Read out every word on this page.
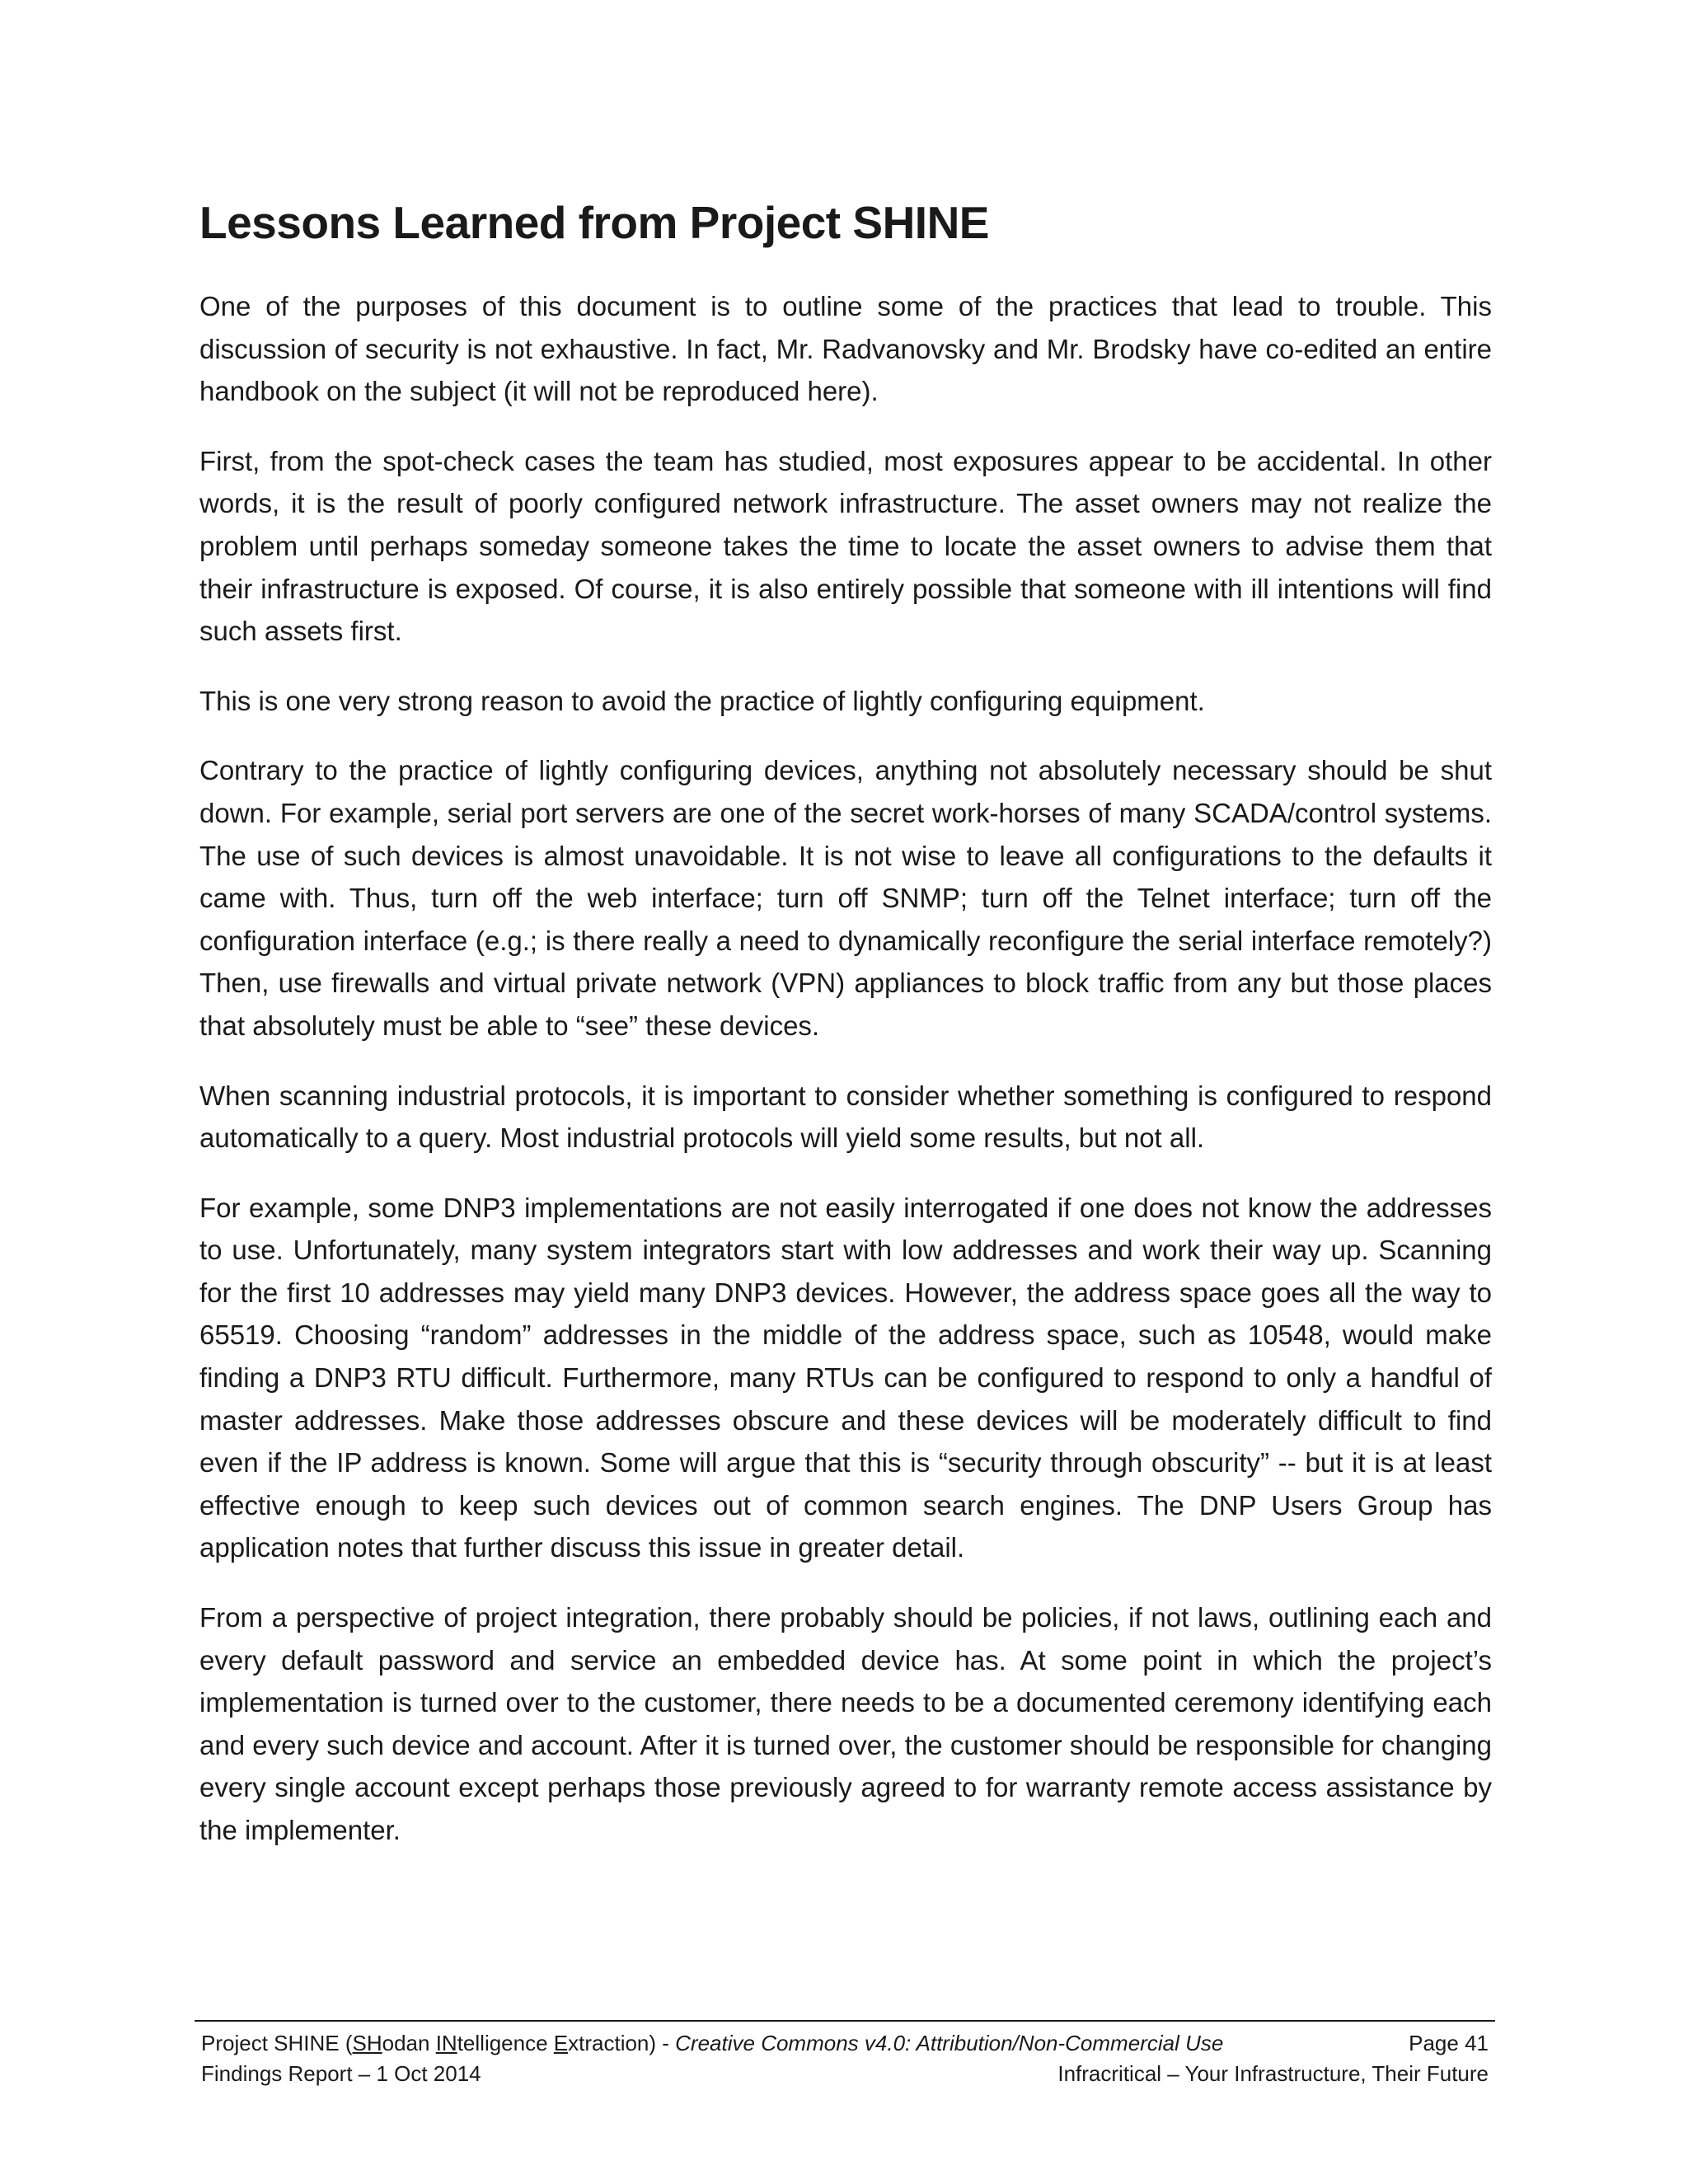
Lessons Learned from Project SHINE

One of the purposes of this document is to outline some of the practices that lead to trouble. This discussion of security is not exhaustive. In fact, Mr. Radvanovsky and Mr. Brodsky have co-edited an entire handbook on the subject (it will not be reproduced here).

First, from the spot-check cases the team has studied, most exposures appear to be accidental. In other words, it is the result of poorly configured network infrastructure. The asset owners may not realize the problem until perhaps someday someone takes the time to locate the asset owners to advise them that their infrastructure is exposed. Of course, it is also entirely possible that someone with ill intentions will find such assets first.

This is one very strong reason to avoid the practice of lightly configuring equipment.

Contrary to the practice of lightly configuring devices, anything not absolutely necessary should be shut down. For example, serial port servers are one of the secret work-horses of many SCADA/control systems. The use of such devices is almost unavoidable. It is not wise to leave all configurations to the defaults it came with. Thus, turn off the web interface; turn off SNMP; turn off the Telnet interface; turn off the configuration interface (e.g.; is there really a need to dynamically reconfigure the serial interface remotely?) Then, use firewalls and virtual private network (VPN) appliances to block traffic from any but those places that absolutely must be able to “see” these devices.

When scanning industrial protocols, it is important to consider whether something is configured to respond automatically to a query. Most industrial protocols will yield some results, but not all.

For example, some DNP3 implementations are not easily interrogated if one does not know the addresses to use. Unfortunately, many system integrators start with low addresses and work their way up. Scanning for the first 10 addresses may yield many DNP3 devices. However, the address space goes all the way to 65519. Choosing “random” addresses in the middle of the address space, such as 10548, would make finding a DNP3 RTU difficult. Furthermore, many RTUs can be configured to respond to only a handful of master addresses. Make those addresses obscure and these devices will be moderately difficult to find even if the IP address is known. Some will argue that this is “security through obscurity” -- but it is at least effective enough to keep such devices out of common search engines. The DNP Users Group has application notes that further discuss this issue in greater detail.

From a perspective of project integration, there probably should be policies, if not laws, outlining each and every default password and service an embedded device has. At some point in which the project’s implementation is turned over to the customer, there needs to be a documented ceremony identifying each and every such device and account. After it is turned over, the customer should be responsible for changing every single account except perhaps those previously agreed to for warranty remote access assistance by the implementer.

Project SHINE (SHodan INtelligence Extraction) - Creative Commons v4.0: Attribution/Non-Commercial Use	Page 41
Findings Report – 1 Oct 2014	Infracritical – Your Infrastructure, Their Future
